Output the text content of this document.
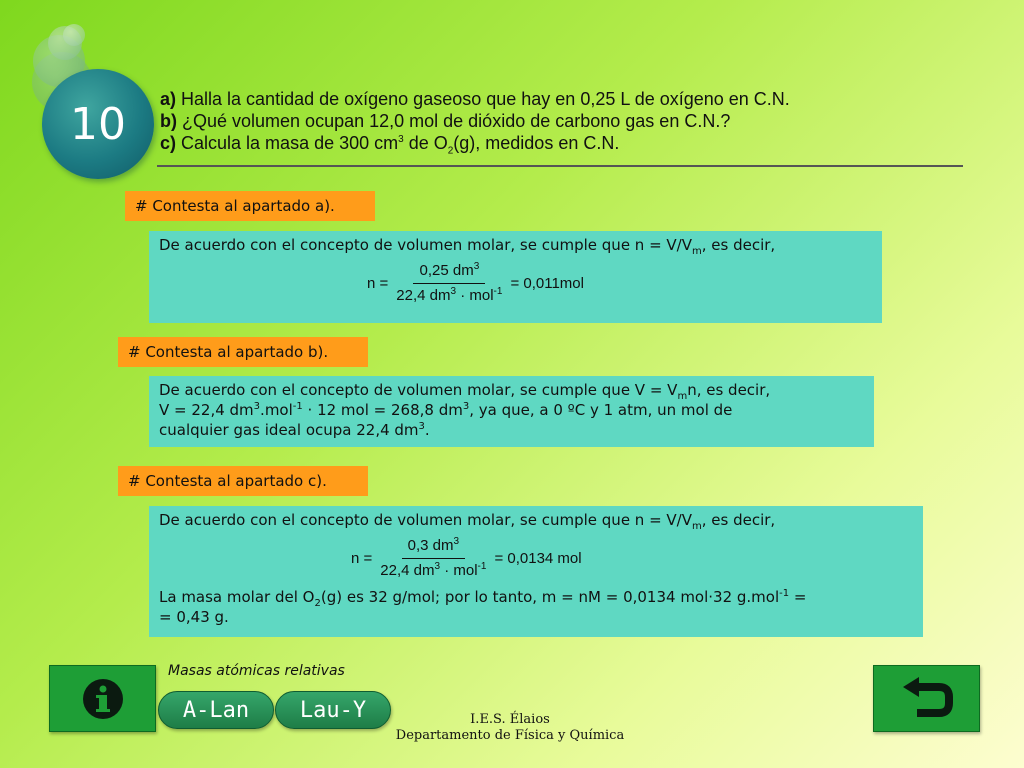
10	a) Halla la cantidad de oxígeno gaseoso que hay en 0,25 L de oxígeno en C.N.
b) ¿Qué volumen ocupan 12,0 mol de dióxido de carbono gas en C.N.?
c) Calcula la masa de 300 $cm^3$ de $O_2(g)$, medidos en C.N.
# Contesta al apartado a).
De acuerdo con el concepto de volumen molar, se cumple que $n = V/V_m$, es decir,
$n = \frac{0,25 dm^3}{22,4 dm^3 \cdot mol^{-1}} = 0,011mol$
# Contesta al apartado b).
De acuerdo con el concepto de volumen molar, se cumple que $V = V_mn$, es decir,
V = 22,4 $dm^3.mol^{-1} \cdot 12$ mol = 268,8 $dm^3$, ya que, a 0 ºC y 1 atm, un mol de
cualquier gas ideal ocupa 22,4 $dm^3$.
# Contesta al apartado c).
De acuerdo con el concepto de volumen molar, se cumple que $n = V/V_m$, es decir,
$n = \frac{0,3 dm^3}{22,4 dm^3 \cdot mol^{-1}} = 0,0134$ mol
La masa molar del $O_2(g)$ es 32 g/mol; por lo tanto, m = nM = 0,0134 mol·32 g.mol$^{-1}$ =
= 0,43 g.
Masas atómicas relativas
A-Lan	Lau-Y	I.E.S. Élaios
Departamento de Física y Química
